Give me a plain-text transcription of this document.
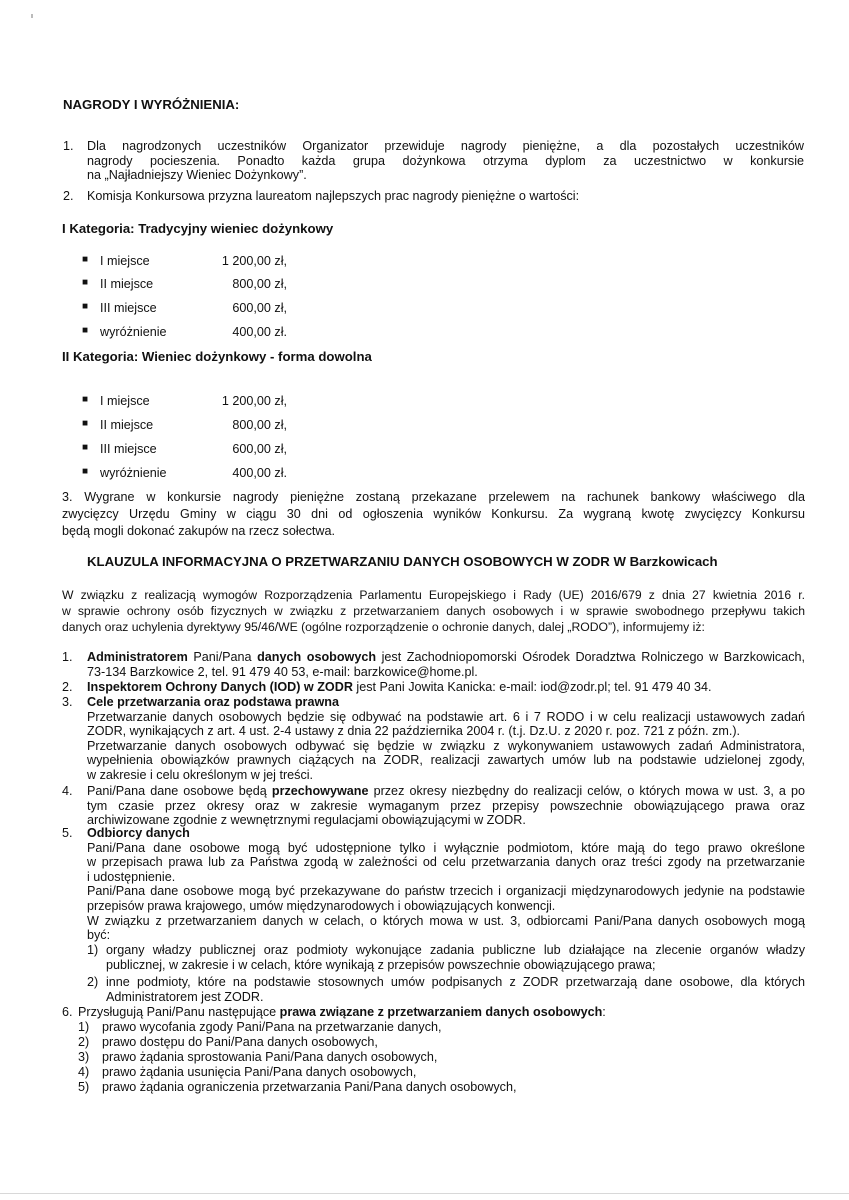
NAGRODY I WYRÓŻNIENIA:
1. Dla nagrodzonych uczestników Organizator przewiduje nagrody pieniężne, a dla pozostałych uczestników
nagrody pocieszenia. Ponadto każda grupa dożynkowa otrzyma dyplom za uczestnictwo w konkursie
na „Najładniejszy Wieniec Dożynkowy”.
2. Komisja Konkursowa przyzna laureatom najlepszych prac nagrody pieniężne o wartości:
I Kategoria: Tradycyjny wieniec dożynkowy
■ I miejsce	1 200,00 zł,
■ II miejsce	800,00 zł,
■ III miejsce	600,00 zł,
■ wyróżnienie	400,00 zł.
II Kategoria: Wieniec dożynkowy - forma dowolna
■ I miejsce	1 200,00 zł,
■ II miejsce	800,00 zł,
■ III miejsce	600,00 zł,
■ wyróżnienie	400,00 zł.
3. Wygrane w konkursie nagrody pieniężne zostaną przekazane przelewem na rachunek bankowy właściwego dla
zwycięzcy Urzędu Gminy w ciągu 30 dni od ogłoszenia wyników Konkursu. Za wygraną kwotę zwycięzcy Konkursu
będą mogli dokonać zakupów na rzecz sołectwa.
KLAUZULA INFORMACYJNA O PRZETWARZANIU DANYCH OSOBOWYCH W ZODR W Barzkowicach
W związku z realizacją wymogów Rozporządzenia Parlamentu Europejskiego i Rady (UE) 2016/679 z dnia 27 kwietnia 2016 r.
w sprawie ochrony osób fizycznych w związku z przetwarzaniem danych osobowych i w sprawie swobodnego przepływu takich
danych oraz uchylenia dyrektywy 95/46/WE (ogólne rozporządzenie o ochronie danych, dalej „RODO”), informujemy iż:
1. Administratorem Pani/Pana danych osobowych jest Zachodniopomorski Ośrodek Doradztwa Rolniczego w Barzkowicach,
73-134 Barzkowice 2, tel. 91 479 40 53, e-mail: barzkowice@home.pl.
2. Inspektorem Ochrony Danych (IOD) w ZODR jest Pani Jowita Kanicka: e-mail: iod@zodr.pl; tel. 91 479 40 34.
3. Cele przetwarzania oraz podstawa prawna
Przetwarzanie danych osobowych będzie się odbywać na podstawie art. 6 i 7 RODO i w celu realizacji ustawowych zadań
ZODR, wynikających z art. 4 ust. 2-4 ustawy z dnia 22 października 2004 r. (t.j. Dz.U. z 2020 r. poz. 721 z późn. zm.).
Przetwarzanie danych osobowych odbywać się będzie w związku z wykonywaniem ustawowych zadań Administratora,
wypełnienia obowiązków prawnych ciążących na ZODR, realizacji zawartych umów lub na podstawie udzielonej zgody,
w zakresie i celu określonym w jej treści.
4. Pani/Pana dane osobowe będą przechowywane przez okresy niezbędny do realizacji celów, o których mowa w ust. 3, a po
tym czasie przez okresy oraz w zakresie wymaganym przez przepisy powszechnie obowiązującego prawa oraz
archiwizowane zgodnie z wewnętrznymi regulacjami obowiązującymi w ZODR.
5. Odbiorcy danych
Pani/Pana dane osobowe mogą być udostępnione tylko i wyłącznie podmiotom, które mają do tego prawo określone
w przepisach prawa lub za Państwa zgodą w zależności od celu przetwarzania danych oraz treści zgody na przetwarzanie
i udostępnienie.
Pani/Pana dane osobowe mogą być przekazywane do państw trzecich i organizacji międzynarodowych jedynie na podstawie
przepisów prawa krajowego, umów międzynarodowych i obowiązujących konwencji.
W związku z przetwarzaniem danych w celach, o których mowa w ust. 3, odbiorcami Pani/Pana danych osobowych mogą
być:
1) organy władzy publicznej oraz podmioty wykonujące zadania publiczne lub działające na zlecenie organów władzy
publicznej, w zakresie i w celach, które wynikają z przepisów powszechnie obowiązującego prawa;
2) inne podmioty, które na podstawie stosownych umów podpisanych z ZODR przetwarzają dane osobowe, dla których
Administratorem jest ZODR.
6. Przysługują Pani/Panu następujące prawa związane z przetwarzaniem danych osobowych:
1) prawo wycofania zgody Pani/Pana na przetwarzanie danych,
2) prawo dostępu do Pani/Pana danych osobowych,
3) prawo żądania sprostowania Pani/Pana danych osobowych,
4) prawo żądania usunięcia Pani/Pana danych osobowych,
5) prawo żądania ograniczenia przetwarzania Pani/Pana danych osobowych,
